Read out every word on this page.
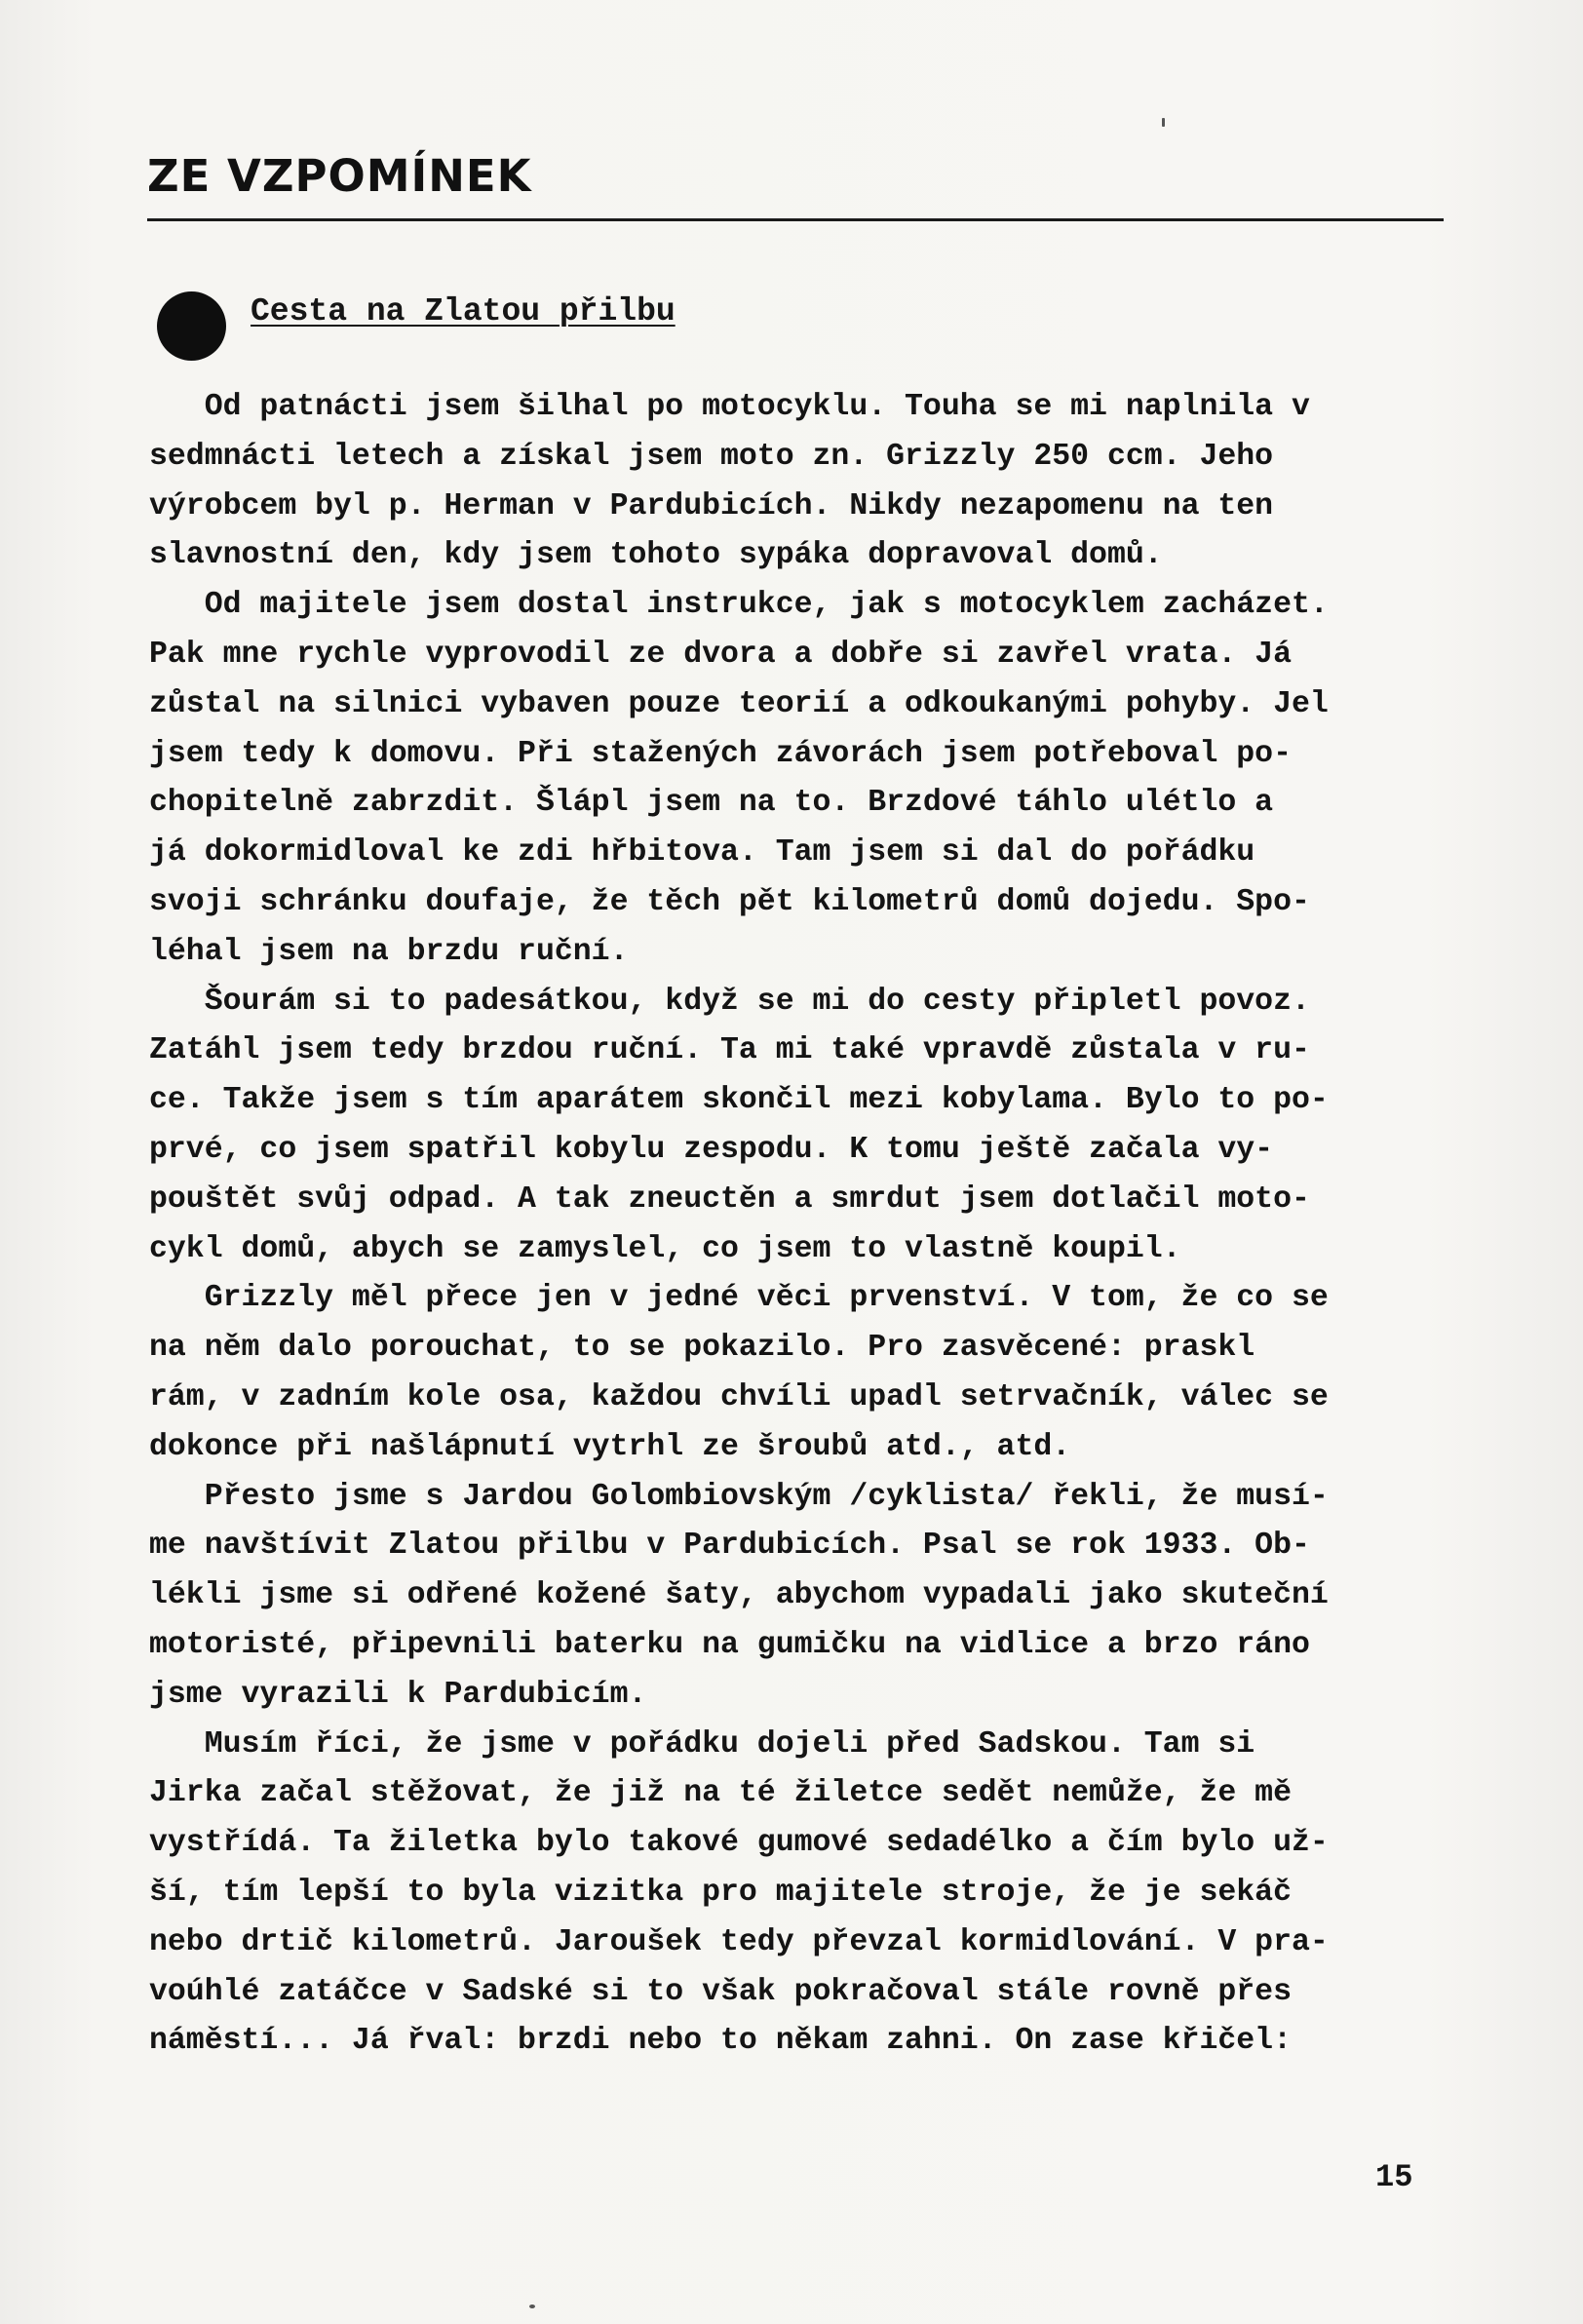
ZE VZPOMÍNEK
Cesta na Zlatou přilbu
Od patnácti jsem šilhal po motocyklu. Touha se mi naplnila v
sedmnácti letech a získal jsem moto zn. Grizzly 250 ccm. Jeho
výrobcem byl p. Herman v Pardubicích. Nikdy nezapomenu na ten
slavnostní den, kdy jsem tohoto sypáka dopravoval domů.
Od majitele jsem dostal instrukce, jak s motocyklem zacházet.
Pak mne rychle vyprovodil ze dvora a dobře si zavřel vrata. Já
zůstal na silnici vybaven pouze teorií a odkoukanými pohyby. Jel
jsem tedy k domovu. Při stažených závorách jsem potřeboval po-
chopitelně zabrzdit. Šlápl jsem na to. Brzdové táhlo ulétlo a
já dokormidloval ke zdi hřbitova. Tam jsem si dal do pořádku
svoji schránku doufaje, že těch pět kilometrů domů dojedu. Spo-
léhal jsem na brzdu ruční.
Šourám si to padesátkou, když se mi do cesty připletl povoz.
Zatáhl jsem tedy brzdou ruční. Ta mi také vpravdě zůstala v ru-
ce. Takže jsem s tím aparátem skončil mezi kobylama. Bylo to po-
prvé, co jsem spatřil kobylu zespodu. K tomu ještě začala vy-
pouštět svůj odpad. A tak zneuctěn a smrdut jsem dotlačil moto-
cykl domů, abych se zamyslel, co jsem to vlastně koupil.
Grizzly měl přece jen v jedné věci prvenství. V tom, že co se
na něm dalo porouchat, to se pokazilo. Pro zasvěcené: praskl
rám, v zadním kole osa, každou chvíli upadl setrvačník, válec se
dokonce při našlápnutí vytrhl ze šroubů atd., atd.
Přesto jsme s Jardou Golombiovským /cyklista/ řekli, že musí-
me navštívit Zlatou přilbu v Pardubicích. Psal se rok 1933. Ob-
lékli jsme si odřené kožené šaty, abychom vypadali jako skuteční
motoristé, připevnili baterku na gumičku na vidlice a brzo ráno
jsme vyrazili k Pardubicím.
Musím říci, že jsme v pořádku dojeli před Sadskou. Tam si
Jirka začal stěžovat, že již na té žiletce sedět nemůže, že mě
vystřídá. Ta žiletka bylo takové gumové sedadélko a čím bylo už-
ší, tím lepší to byla vizitka pro majitele stroje, že je sekáč
nebo drtič kilometrů. Jaroušek tedy převzal kormidlování. V pra-
voúhlé zatáčce v Sadské si to však pokračoval stále rovně přes
náměstí... Já řval: brzdi nebo to někam zahni. On zase křičel:
15
